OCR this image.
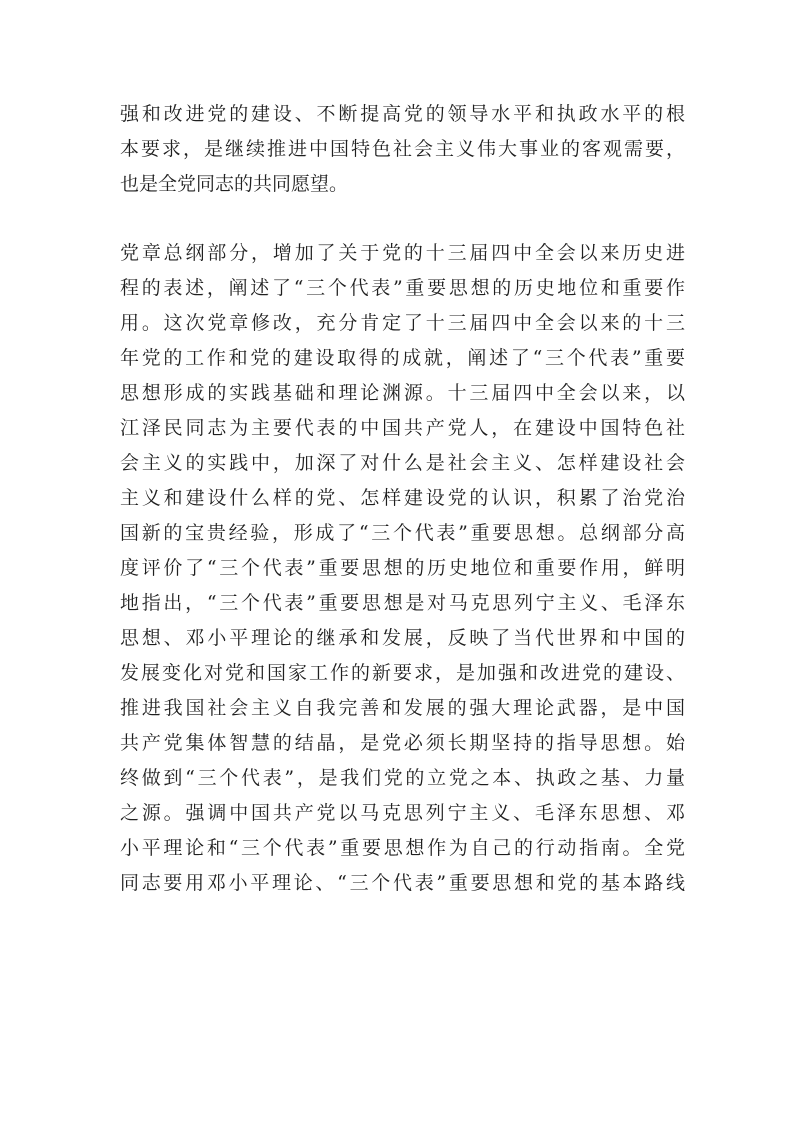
强和改进党的建设、不断提高党的领导水平和执政水平的根
本要求，是继续推进中国特色社会主义伟大事业的客观需要，
也是全党同志的共同愿望。

党章总纲部分，增加了关于党的十三届四中全会以来历史进
程的表述，阐述了“三个代表”重要思想的历史地位和重要作
用。这次党章修改，充分肯定了十三届四中全会以来的十三
年党的工作和党的建设取得的成就，阐述了“三个代表”重要
思想形成的实践基础和理论渊源。十三届四中全会以来，以
江泽民同志为主要代表的中国共产党人，在建设中国特色社
会主义的实践中，加深了对什么是社会主义、怎样建设社会
主义和建设什么样的党、怎样建设党的认识，积累了治党治
国新的宝贵经验，形成了“三个代表”重要思想。总纲部分高
度评价了“三个代表”重要思想的历史地位和重要作用，鲜明
地指出，“三个代表”重要思想是对马克思列宁主义、毛泽东
思想、邓小平理论的继承和发展，反映了当代世界和中国的
发展变化对党和国家工作的新要求，是加强和改进党的建设、
推进我国社会主义自我完善和发展的强大理论武器，是中国
共产党集体智慧的结晶，是党必须长期坚持的指导思想。始
终做到“三个代表”，是我们党的立党之本、执政之基、力量
之源。强调中国共产党以马克思列宁主义、毛泽东思想、邓
小平理论和“三个代表”重要思想作为自己的行动指南。全党
同志要用邓小平理论、“三个代表”重要思想和党的基本路线
